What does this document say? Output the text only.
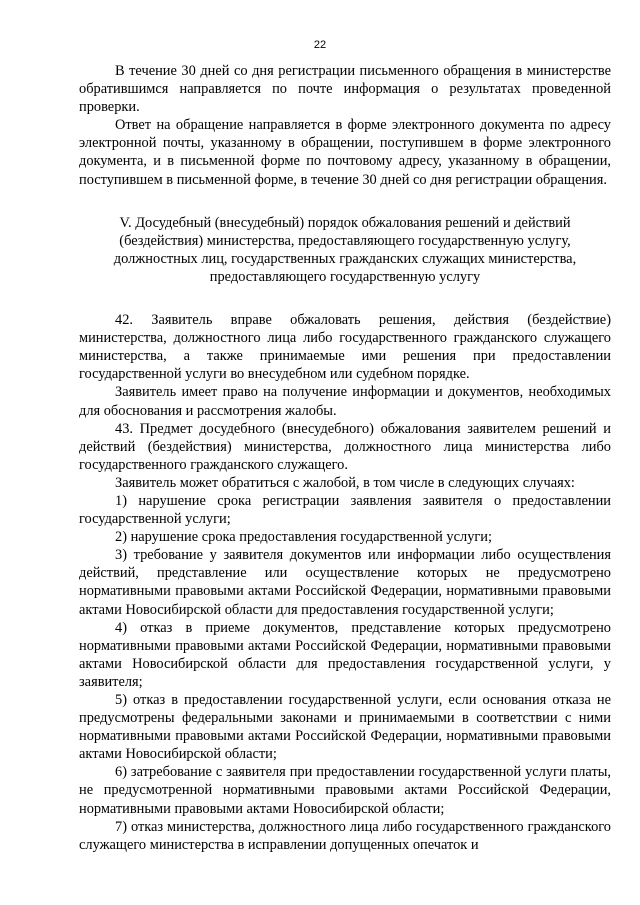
22

В течение 30 дней со дня регистрации письменного обращения в министерстве обратившимся направляется по почте информация о результатах проведенной проверки.

Ответ на обращение направляется в форме электронного документа по адресу электронной почты, указанному в обращении, поступившем в форме электронного документа, и в письменной форме по почтовому адресу, указанному в обращении, поступившем в письменной форме, в течение 30 дней со дня регистрации обращения.

V. Досудебный (внесудебный) порядок обжалования решений и действий
(бездействия) министерства, предоставляющего государственную услугу,
должностных лиц, государственных гражданских служащих министерства,
предоставляющего государственную услугу

42. Заявитель вправе обжаловать решения, действия (бездействие) министерства, должностного лица либо государственного гражданского служащего министерства, а также принимаемые ими решения при предоставлении государственной услуги во внесудебном или судебном порядке.

Заявитель имеет право на получение информации и документов, необходимых для обоснования и рассмотрения жалобы.

43. Предмет досудебного (внесудебного) обжалования заявителем решений и действий (бездействия) министерства, должностного лица министерства либо государственного гражданского служащего.

Заявитель может обратиться с жалобой, в том числе в следующих случаях:

1) нарушение срока регистрации заявления заявителя о предоставлении государственной услуги;

2) нарушение срока предоставления государственной услуги;

3) требование у заявителя документов или информации либо осуществления действий, представление или осуществление которых не предусмотрено нормативными правовыми актами Российской Федерации, нормативными правовыми актами Новосибирской области для предоставления государственной услуги;

4) отказ в приеме документов, представление которых предусмотрено нормативными правовыми актами Российской Федерации, нормативными правовыми актами Новосибирской области для предоставления государственной услуги, у заявителя;

5) отказ в предоставлении государственной услуги, если основания отказа не предусмотрены федеральными законами и принимаемыми в соответствии с ними нормативными правовыми актами Российской Федерации, нормативными правовыми актами Новосибирской области;

6) затребование с заявителя при предоставлении государственной услуги платы, не предусмотренной нормативными правовыми актами Российской Федерации, нормативными правовыми актами Новосибирской области;

7) отказ министерства, должностного лица либо государственного гражданского служащего министерства в исправлении допущенных опечаток и
